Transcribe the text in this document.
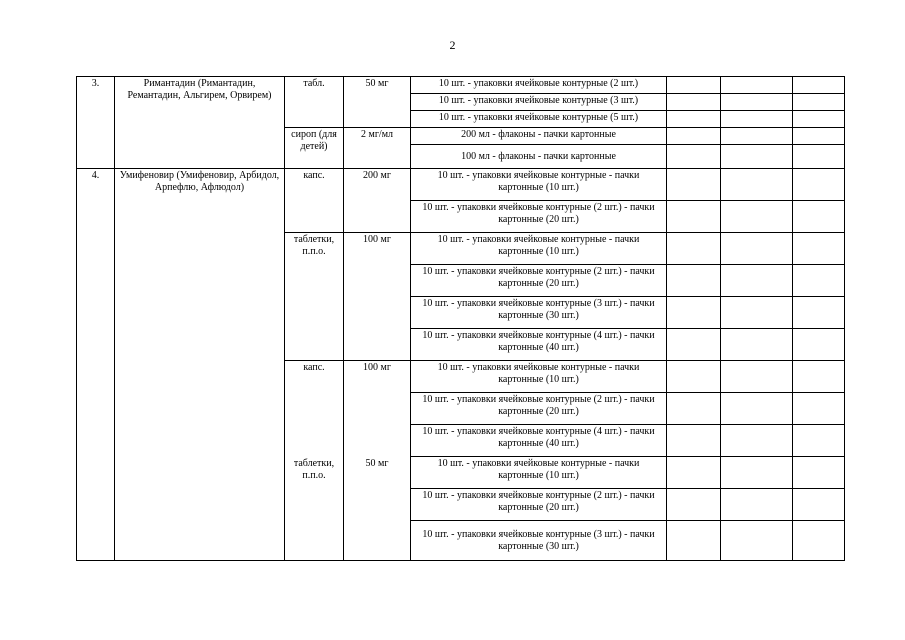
2
3.	Римантадин (Римантадин, Ремантадин, Альгирем, Орвирем)	табл.	50 мг	10 шт. - упаковки ячейковые контурные (2 шт.)			
				10 шт. - упаковки ячейковые контурные (3 шт.)			
				10 шт. - упаковки ячейковые контурные (5 шт.)			
		сироп (для детей)	2 мг/мл	200 мл - флаконы - пачки картонные			
				100 мл - флаконы - пачки картонные			
4.	Умифеновир (Умифеновир, Арбидол, Арпефлю, Афлюдол)	капс.	200 мг	10 шт. - упаковки ячейковые контурные - пачки картонные (10 шт.)			
				10 шт. - упаковки ячейковые контурные (2 шт.) - пачки картонные (20 шт.)			
		таблетки, п.п.о.	100 мг	10 шт. - упаковки ячейковые контурные - пачки картонные (10 шт.)			
				10 шт. - упаковки ячейковые контурные (2 шт.) - пачки картонные (20 шт.)			
				10 шт. - упаковки ячейковые контурные (3 шт.) - пачки картонные (30 шт.)			
				10 шт. - упаковки ячейковые контурные (4 шт.) - пачки картонные (40 шт.)			
		капс.	100 мг	10 шт. - упаковки ячейковые контурные - пачки картонные (10 шт.)			
				10 шт. - упаковки ячейковые контурные (2 шт.) - пачки картонные (20 шт.)			
				10 шт. - упаковки ячейковые контурные (4 шт.) - пачки картонные (40 шт.)			
		таблетки, п.п.о.	50 мг	10 шт. - упаковки ячейковые контурные - пачки картонные (10 шт.)			
				10 шт. - упаковки ячейковые контурные (2 шт.) - пачки картонные (20 шт.)			
				10 шт. - упаковки ячейковые контурные (3 шт.) - пачки картонные (30 шт.)			
